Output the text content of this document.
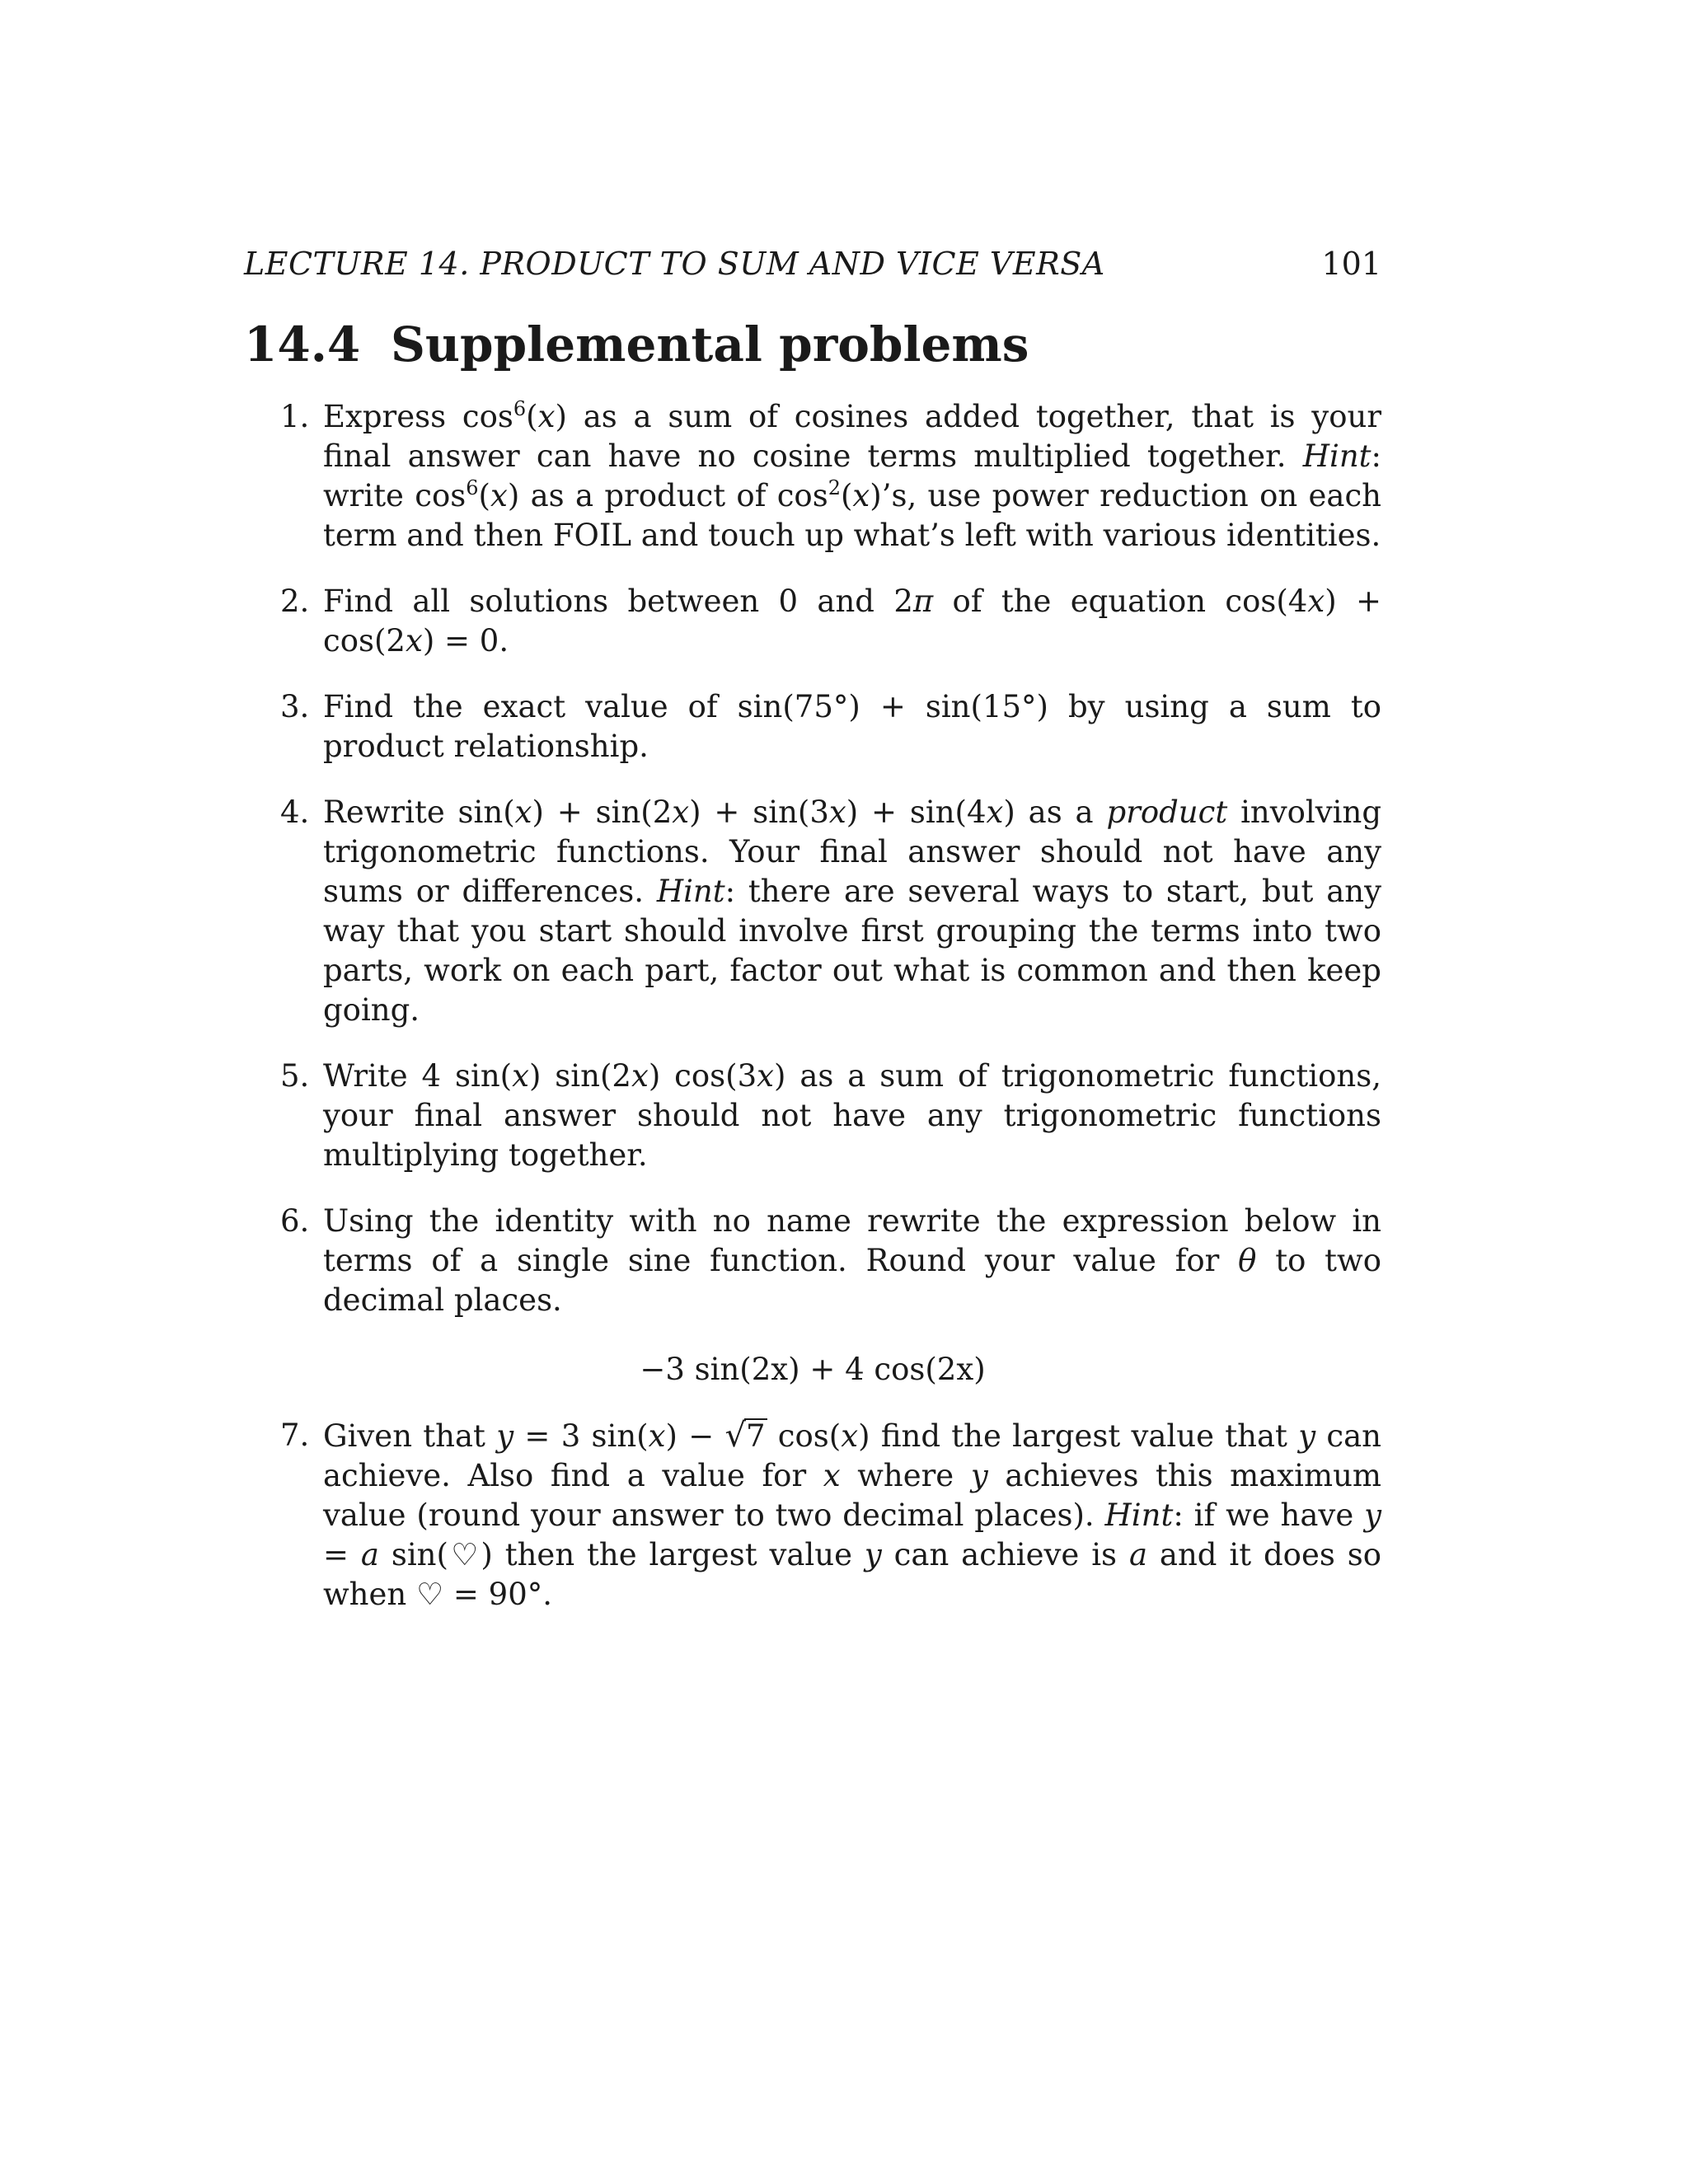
LECTURE 14. PRODUCT TO SUM AND VICE VERSA	101
14.4 Supplemental problems
1. Express $\cos^6(x)$ as a sum of cosines added together, that is your final answer can have no cosine terms multiplied together. Hint: write $\cos^6(x)$ as a product of $\cos^2(x)’s$, use power reduction on each term and then FOIL and touch up what’s left with various identities.
2. Find all solutions between 0 and 2π of the equation cos(4x) + cos(2x) = 0.
3. Find the exact value of sin(75°) + sin(15°) by using a sum to product relationship.
4. Rewrite sin(x) + sin(2x) + sin(3x) + sin(4x) as a product involving trigonometric functions. Your final answer should not have any sums or differences. Hint: there are several ways to start, but any way that you start should involve first grouping the terms into two parts, work on each part, factor out what is common and then keep going.
5. Write 4 sin(x) sin(2x) cos(3x) as a sum of trigonometric functions, your final answer should not have any trigonometric functions multiplying together.
6. Using the identity with no name rewrite the expression below in terms of a single sine function. Round your value for θ to two decimal places.
−3 sin(2x) + 4 cos(2x)
7. Given that y = 3 sin(x) − √7 cos(x) find the largest value that y can achieve. Also find a value for x where y achieves this maximum value (round your answer to two decimal places). Hint: if we have y = a sin(♡) then the largest value y can achieve is a and it does so when ♡ = 90°.
